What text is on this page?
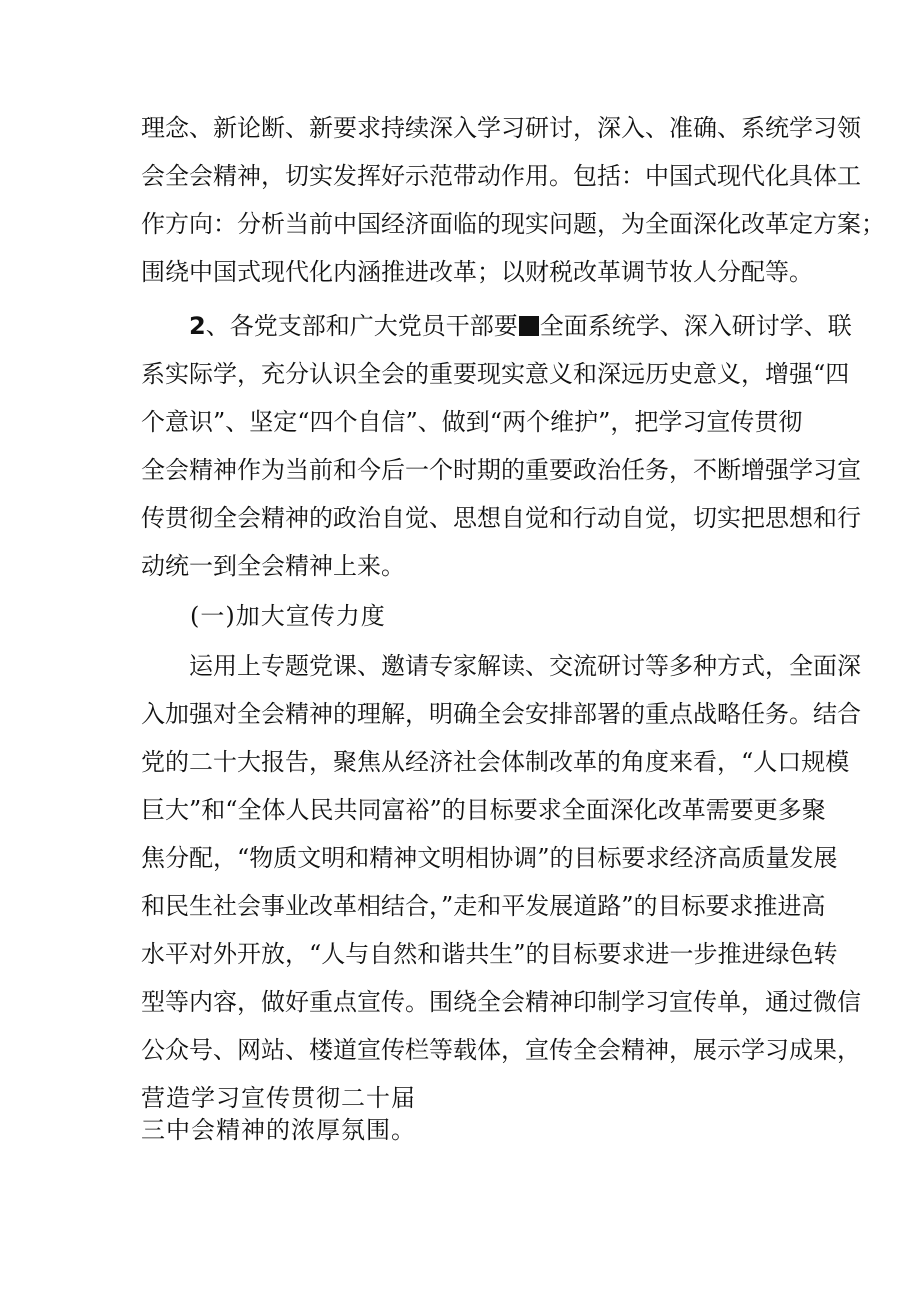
理念、新论断、新要求持续深入学习研讨，深入、准确、系统学习领
会全会精神，切实发挥好示范带动作用。包括：中国式现代化具体工
作方向：分析当前中国经济面临的现实问题，为全面深化改革定方案；
围绕中国式现代化内涵推进改革；以财税改革调节妆人分配等。
2、各党支部和广大党员干部要 全面系统学、深入研讨学、联
系实际学，充分认识全会的重要现实意义和深远历史意义，增强“四
个意识”、坚定“四个自信”、做到“两个维护”，把学习宣传贯彻
全会精神作为当前和今后一个时期的重要政治任务，不断增强学习宣
传贯彻全会精神的政治自觉、思想自觉和行动自觉，切实把思想和行
动统一到全会精神上来。
(一)加大宣传力度
运用上专题党课、邀请专家解读、交流研讨等多种方式，全面深
入加强对全会精神的理解，明确全会安排部署的重点战略任务。结合
党的二十大报告，聚焦从经济社会体制改革的角度来看，“人口规模
巨大”和“全体人民共同富裕”的目标要求全面深化改革需要更多聚
焦分配，“物质文明和精神文明相协调”的目标要求经济高质量发展
和民生社会事业改革相结合，”走和平发展道路”的目标要求推进高
水平对外开放，“人与自然和谐共生”的目标要求进一步推进绿色转
型等内容，做好重点宣传。围绕全会精神印制学习宣传单，通过微信
公众号、网站、楼道宣传栏等载体，宣传全会精神，展示学习成果，
营造学习宣传贯彻二十届
三中会精神的浓厚氛围。
